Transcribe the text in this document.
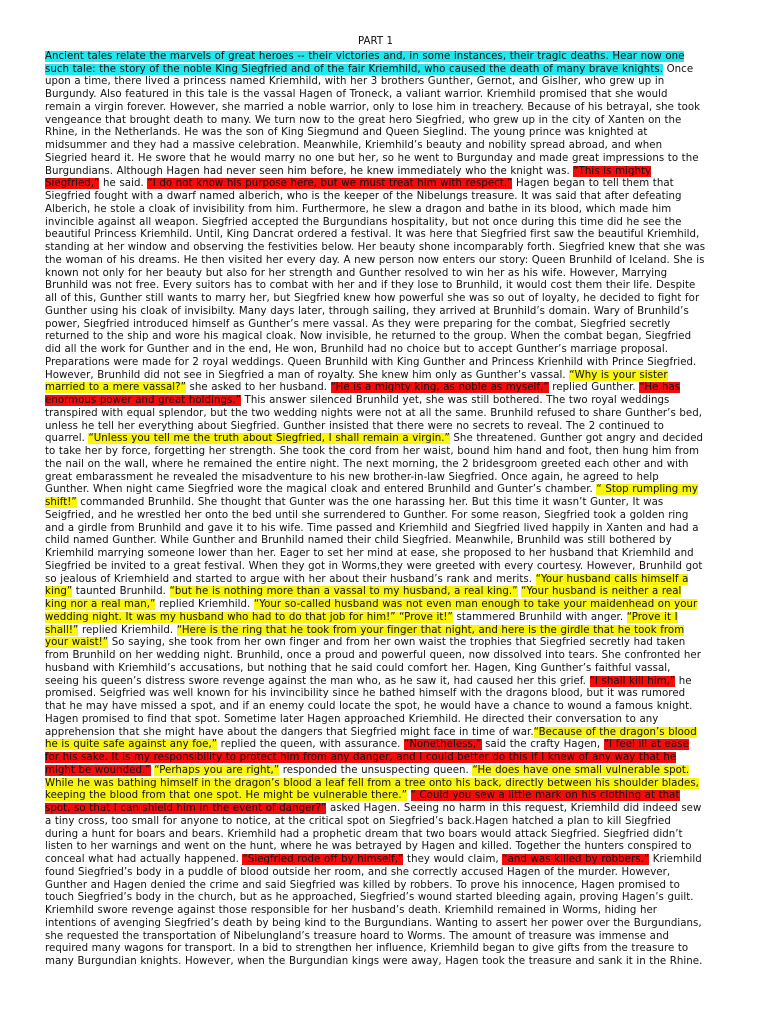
PART 1
Ancient tales relate the marvels of great heroes -- their victories and, in some instances, their tragic deaths. Hear now one such tale: the story of the noble King Siegfried and of the fair Kriemhild, who caused the death of many brave knights. Once upon a time, there lived a princess named Kriemhild, with her 3 brothers Gunther, Gernot, and Gislher, who grew up in Burgundy. Also featured in this tale is the vassal Hagen of Troneck, a valiant warrior. Kriemhild promised that she would remain a virgin forever. However, she married a noble warrior, only to lose him in treachery. Because of his betrayal, she took vengeance that brought death to many. We turn now to the great hero Siegfried, who grew up in the city of Xanten on the Rhine, in the Netherlands. He was the son of King Siegmund and Queen Sieglind. The young prince was knighted at midsummer and they had a massive celebration. Meanwhile, Kriemhild’s beauty and nobility spread abroad, and when Siegried heard it. He swore that he would marry no one but her, so he went to Burgunday and made great impressions to the Burgundians. Although Hagen had never seen him before, he knew immediately who the knight was. “This is mighty Siegfried,” he said. “I do not know his purpose here, but we must treat him with respect.” Hagen began to tell them that Siegfried fought with a dwarf named alberich, who is the keeper of the Nibelungs treasure. It was said that after defeating Alberich, he stole a cloak of invisibility from him. Furthermore, he slew a dragon and bathe in its blood, which made him invincible against all weapon. Siegfried accepted the Burgundians hospitality, but not once during this time did he see the beautiful Princess Kriemhild. Until, King Dancrat ordered a festival. It was here that Siegfried first saw the beautiful Kriemhild, standing at her window and observing the festivities below. Her beauty shone incomparably forth. Siegfried knew that she was the woman of his dreams. He then visited her every day. A new person now enters our story: Queen Brunhild of Iceland. She is known not only for her beauty but also for her strength and Gunther resolved to win her as his wife. However, Marrying Brunhild was not free. Every suitors has to combat with her and if they lose to Brunhild, it would cost them their life. Despite all of this, Gunther still wants to marry her, but Siegfried knew how powerful she was so out of loyalty, he decided to fight for Gunther using his cloak of invisibilty. Many days later, through sailing, they arrived at Brunhild’s domain. Wary of Brunhild’s power, Siegfried introduced himself as Gunther’s mere vassal. As they were preparing for the combat, Siegfried secretly returned to the ship and wore his magical cloak. Now invisible, he returned to the group. When the combat began, Siegfried did all the work for Gunther and in the end, He won, Brunhild had no choice but to accept Gunther’s marriage proposal. Preparations were made for 2 royal weddings. Queen Brunhild with King Gunther and Princess Krienhild with Prince Siegfried. However, Brunhild did not see in Siegfried a man of royalty. She knew him only as Gunther’s vassal. “Why is your sister married to a mere vassal?” she asked to her husband. “He is a mighty king, as noble as myself,” replied Gunther. “He has enormous power and great holdings.” This answer silenced Brunhild yet, she was still bothered. The two royal weddings transpired with equal splendor, but the two wedding nights were not at all the same. Brunhild refused to share Gunther’s bed, unless he tell her everything about Siegfried. Gunther insisted that there were no secrets to reveal. The 2 continued to quarrel. “Unless you tell me the truth about Siegfried, I shall remain a virgin.” She threatened. Gunther got angry and decided to take her by force, forgetting her strength. She took the cord from her waist, bound him hand and foot, then hung him from the nail on the wall, where he remained the entire night. The next morning, the 2 bridesgroom greeted each other and with great embarassment he revealed the misadventure to his new brother-in-law Siegfried. Once again, he agreed to help Gunther. When night came Siegfried wore the magical cloak and entered Brunhild and Gunter’s chamber. “ Stop rumpling my shift!” commanded Brunhild. She thought that Gunter was the one harassing her. But this time it wasn’t Gunter, It was Seigfried, and he wrestled her onto the bed until she surrendered to Gunther. For some reason, Siegfried took a golden ring and a girdle from Brunhild and gave it to his wife. Time passed and Kriemhild and Siegfried lived happily in Xanten and had a child named Gunther. While Gunther and Brunhild named their child Siegfried. Meanwhile, Brunhild was still bothered by Kriemhild marrying someone lower than her. Eager to set her mind at ease, she proposed to her husband that Kriemhild and Siegfried be invited to a great festival. When they got in Worms,they were greeted with every courtesy. However, Brunhild got so jealous of Kriemhield and started to argue with her about their husband’s rank and merits. “Your husband calls himself a king” taunted Brunhild. “but he is nothing more than a vassal to my husband, a real king.” “Your husband is neither a real king nor a real man,” replied Kriemhild. “Your so-called husband was not even man enough to take your maidenhead on your wedding night. It was my husband who had to do that job for him!” “Prove it!” stammered Brunhild with anger. “Prove it I shall!” replied Kriemhild. “Here is the ring that he took from your finger that night, and here is the girdle that he took from your waist!” So saying, she took from her own finger and from her own waist the trophies that Siegfried secretly had taken from Brunhild on her wedding night. Brunhild, once a proud and powerful queen, now dissolved into tears. She confronted her husband with Kriemhild’s accusations, but nothing that he said could comfort her. Hagen, King Gunther’s faithful vassal, seeing his queen’s distress swore revenge against the man who, as he saw it, had caused her this grief. “I shall kill him,” he promised. Seigfried was well known for his invincibility since he bathed himself with the dragons blood, but it was rumored that he may have missed a spot, and if an enemy could locate the spot, he would have a chance to wound a famous knight. Hagen promised to find that spot. Sometime later Hagen approached Kriemhild. He directed their conversation to any apprehension that she might have about the dangers that Siegfried might face in time of war.“Because of the dragon’s blood he is quite safe against any foe,” replied the queen, with assurance. “Nonetheless,” said the crafty Hagen, “I feel ill at ease for his sake. It is my responsibility to protect him from any danger, and I could better do this if I knew of any way that he might be wounded.” “Perhaps you are right,” responded the unsuspecting queen. “He does have one small vulnerable spot. While he was bathing himself in the dragon’s blood a leaf fell from a tree onto his back, directly between his shoulder blades, keeping the blood from that one spot. He might be vulnerable there.” “ Could you sew a little mark on his clothing at that spot, so that I can shield him in the event of danger?” asked Hagen. Seeing no harm in this request, Kriemhild did indeed sew a tiny cross, too small for anyone to notice, at the critical spot on Siegfried’s back.Hagen hatched a plan to kill Siegfried during a hunt for boars and bears. Kriemhild had a prophetic dream that two boars would attack Siegfried. Siegfried didn’t listen to her warnings and went on the hunt, where he was betrayed by Hagen and killed. Together the hunters conspired to conceal what had actually happened. “Siegfried rode off by himself,” they would claim, “and was killed by robbers.” Kriemhild found Siegfried’s body in a puddle of blood outside her room, and she correctly accused Hagen of the murder. However, Gunther and Hagen denied the crime and said Siegfried was killed by robbers. To prove his innocence, Hagen promised to touch Siegfried’s body in the church, but as he approached, Siegfried’s wound started bleeding again, proving Hagen’s guilt. Kriemhild swore revenge against those responsible for her husband’s death. Kriemhild remained in Worms, hiding her intentions of avenging Siegfried’s death by being kind to the Burgundians. Wanting to assert her power over the Burgundians, she requested the transportation of Nibelungland’s treasure hoard to Worms. The amount of treasure was immense and required many wagons for transport. In a bid to strengthen her influence, Kriemhild began to give gifts from the treasure to many Burgundian knights. However, when the Burgundian kings were away, Hagen took the treasure and sank it in the Rhine.
